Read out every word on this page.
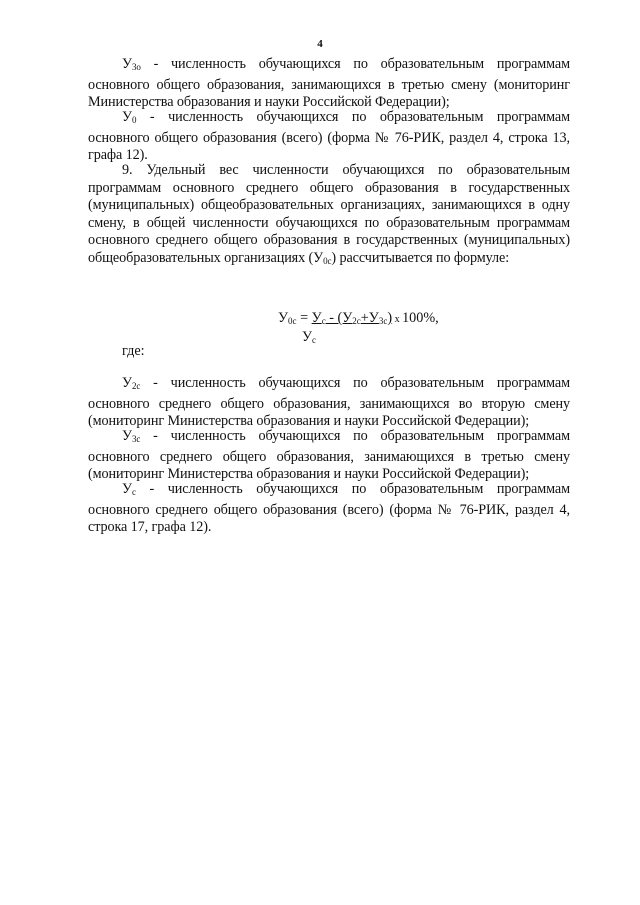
4

$У_{3о}$ - численность обучающихся по образовательным программам основного общего образования, занимающихся в третью смену (мониторинг Министерства образования и науки Российской Федерации);

$У_0$ - численность обучающихся по образовательным программам основного общего образования (всего) (форма № 76-РИК, раздел 4, строка 13, графа 12).

9. Удельный вес численности обучающихся по образовательным программам основного среднего общего образования в государственных (муниципальных) общеобразовательных организациях, занимающихся в одну смену, в общей численности обучающихся по образовательным программам основного среднего общего образования в государственных (муниципальных) общеобразовательных организациях $(У_{0с})$ рассчитывается по формуле:

$У_{0с} = У_с - (У_{2с}+У_{3с})$ х 100%,
$У_с$
где:

$У_{2с}$ - численность обучающихся по образовательным программам основного среднего общего образования, занимающихся во вторую смену (мониторинг Министерства образования и науки Российской Федерации);

$У_{3с}$ - численность обучающихся по образовательным программам основного среднего общего образования, занимающихся в третью смену (мониторинг Министерства образования и науки Российской Федерации);

$У_с$ - численность обучающихся по образовательным программам основного среднего общего образования (всего) (форма № 76-РИК, раздел 4, строка 17, графа 12).
